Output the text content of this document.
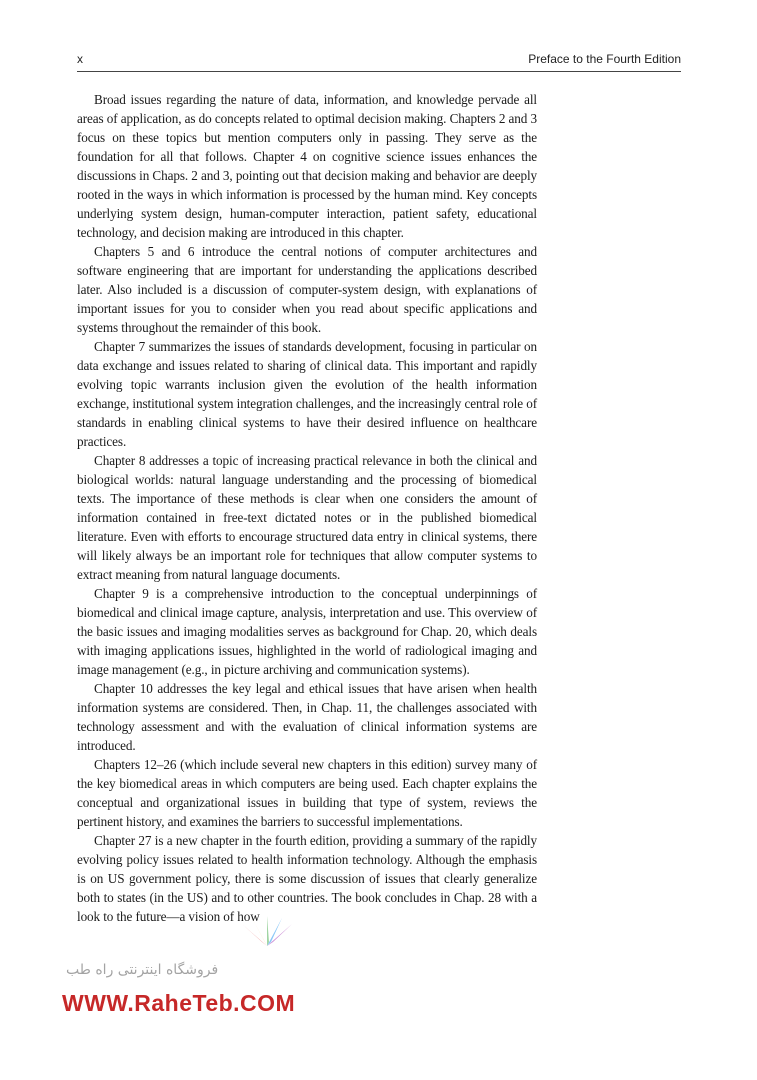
x	Preface to the Fourth Edition

Broad issues regarding the nature of data, information, and knowledge pervade all areas of application, as do concepts related to optimal decision making. Chapters 2 and 3 focus on these topics but mention computers only in passing. They serve as the foundation for all that follows. Chapter 4 on cognitive science issues enhances the discussions in Chaps. 2 and 3, pointing out that decision making and behavior are deeply rooted in the ways in which information is processed by the human mind. Key concepts underlying system design, human-computer interaction, patient safety, educational technology, and decision making are introduced in this chapter.

Chapters 5 and 6 introduce the central notions of computer architectures and software engineering that are important for understanding the applications described later. Also included is a discussion of computer-system design, with explanations of important issues for you to consider when you read about specific applications and systems throughout the remainder of this book.

Chapter 7 summarizes the issues of standards development, focusing in particular on data exchange and issues related to sharing of clinical data. This important and rapidly evolving topic warrants inclusion given the evolution of the health information exchange, institutional system integration challenges, and the increasingly central role of standards in enabling clinical systems to have their desired influence on healthcare practices.

Chapter 8 addresses a topic of increasing practical relevance in both the clinical and biological worlds: natural language understanding and the processing of biomedical texts. The importance of these methods is clear when one considers the amount of information contained in free-text dictated notes or in the published biomedical literature. Even with efforts to encourage structured data entry in clinical systems, there will likely always be an important role for techniques that allow computer systems to extract meaning from natural language documents.

Chapter 9 is a comprehensive introduction to the conceptual underpinnings of biomedical and clinical image capture, analysis, interpretation and use. This overview of the basic issues and imaging modalities serves as background for Chap. 20, which deals with imaging applications issues, highlighted in the world of radiological imaging and image management (e.g., in picture archiving and communication systems).

Chapter 10 addresses the key legal and ethical issues that have arisen when health information systems are considered. Then, in Chap. 11, the challenges associated with technology assessment and with the evaluation of clinical information systems are introduced.

Chapters 12–26 (which include several new chapters in this edition) survey many of the key biomedical areas in which computers are being used. Each chapter explains the conceptual and organizational issues in building that type of system, reviews the pertinent history, and examines the barriers to successful implementations.

Chapter 27 is a new chapter in the fourth edition, providing a summary of the rapidly evolving policy issues related to health information technology. Although the emphasis is on US government policy, there is some discussion of issues that clearly generalize both to states (in the US) and to other countries. The book concludes in Chap. 28 with a look to the future—a vision of how

فروشگاه اینترنتی راه طب
WWW.RaheTeb.COM
